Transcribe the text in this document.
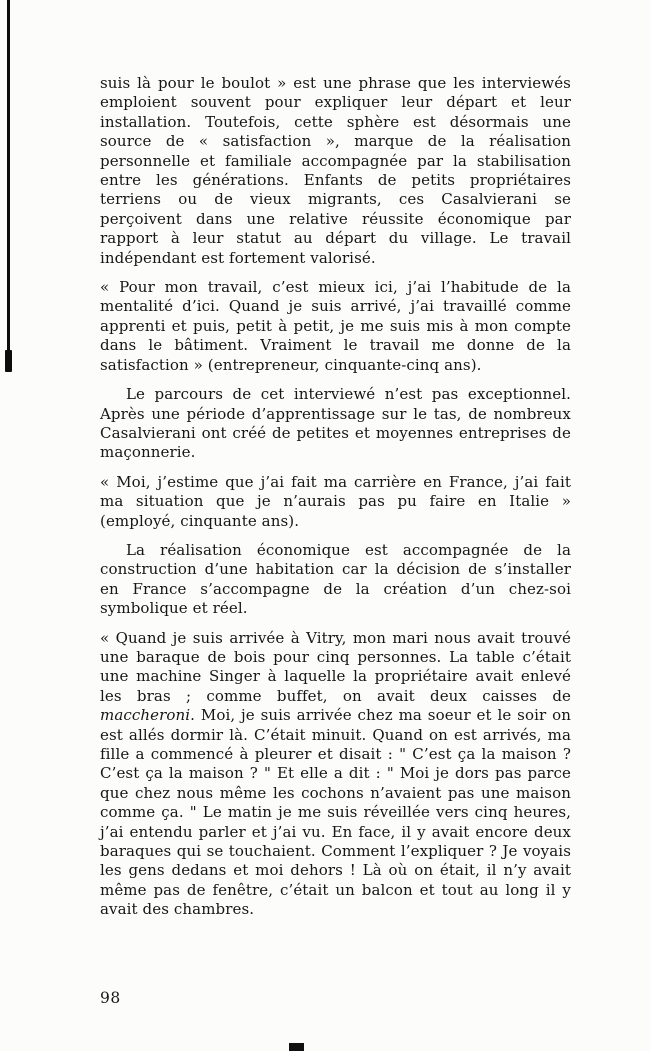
suis là pour le boulot » est une phrase que les interviewés emploient souvent pour expliquer leur départ et leur installation. Toutefois, cette sphère est désormais une source de « satisfaction », marque de la réalisation personnelle et familiale accompagnée par la stabilisation entre les générations. Enfants de petits propriétaires terriens ou de vieux migrants, ces Casalvierani se perçoivent dans une relative réussite économique par rapport à leur statut au départ du village. Le travail indépendant est fortement valorisé.

« Pour mon travail, c’est mieux ici, j’ai l’habitude de la mentalité d’ici. Quand je suis arrivé, j’ai travaillé comme apprenti et puis, petit à petit, je me suis mis à mon compte dans le bâtiment. Vraiment le travail me donne de la satisfaction » (entrepreneur, cinquante-cinq ans).

Le parcours de cet interviewé n’est pas exceptionnel. Après une période d’apprentissage sur le tas, de nombreux Casalvierani ont créé de petites et moyennes entreprises de maçonnerie.

« Moi, j’estime que j’ai fait ma carrière en France, j’ai fait ma situation que je n’aurais pas pu faire en Italie » (employé, cinquante ans).

La réalisation économique est accompagnée de la construction d’une habitation car la décision de s’installer en France s’accompagne de la création d’un chez-soi symbolique et réel.

« Quand je suis arrivée à Vitry, mon mari nous avait trouvé une baraque de bois pour cinq personnes. La table c’était une machine Singer à laquelle la propriétaire avait enlevé les bras ; comme buffet, on avait deux caisses de maccheroni. Moi, je suis arrivée chez ma soeur et le soir on est allés dormir là. C’était minuit. Quand on est arrivés, ma fille a commencé à pleurer et disait : " C’est ça la maison ? C’est ça la maison ? " Et elle a dit : " Moi je dors pas parce que chez nous même les cochons n’avaient pas une maison comme ça. " Le matin je me suis réveillée vers cinq heures, j’ai entendu parler et j’ai vu. En face, il y avait encore deux baraques qui se touchaient. Comment l’expliquer ? Je voyais les gens dedans et moi dehors ! Là où on était, il n’y avait même pas de fenêtre, c’était un balcon et tout au long il y avait des chambres.

98
